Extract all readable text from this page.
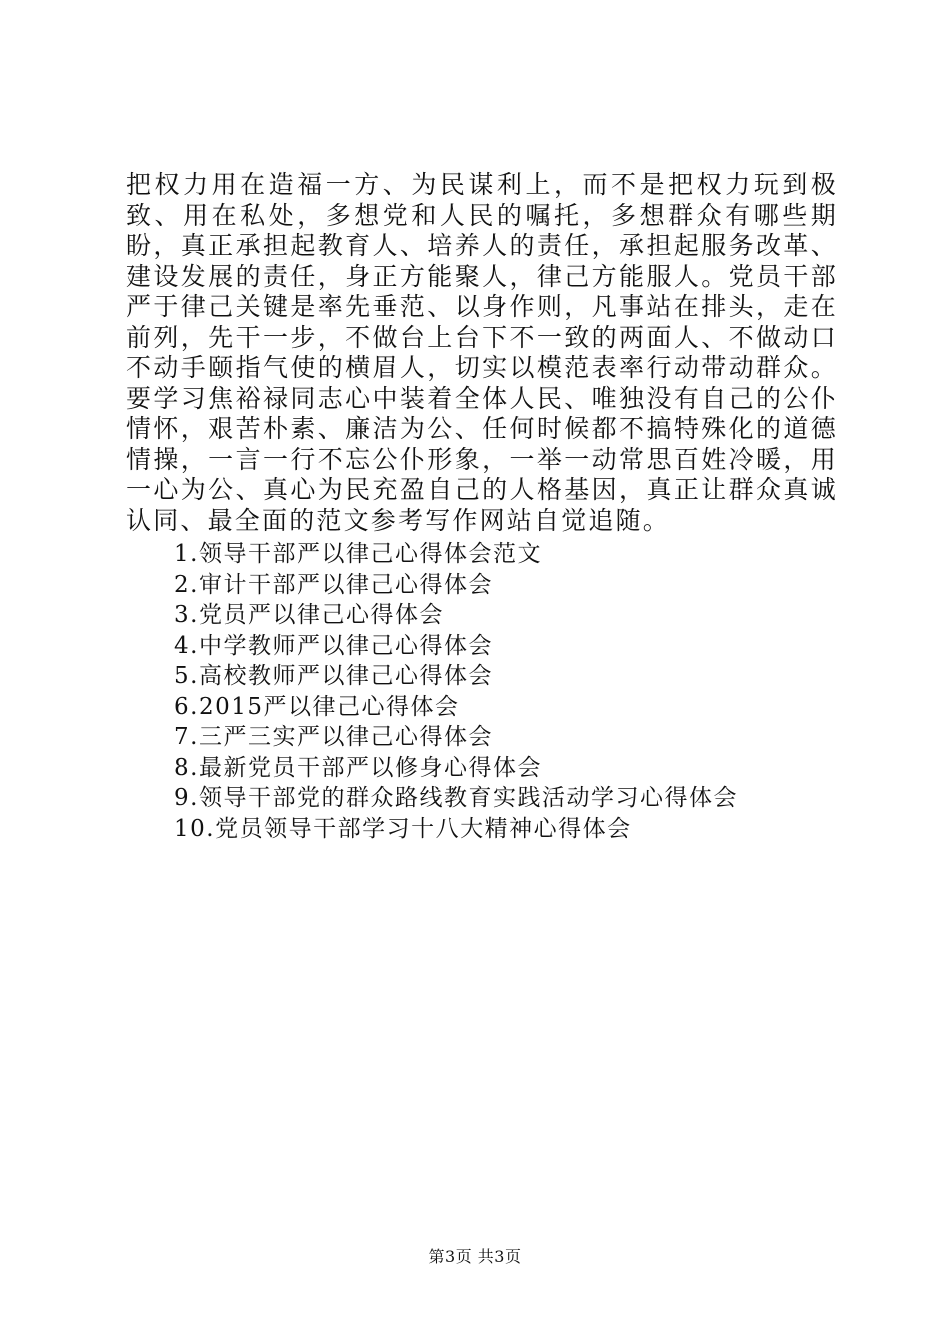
把权力用在造福一方、为民谋利上，而不是把权力玩到极致、用在私处，多想党和人民的嘱托，多想群众有哪些期盼，真正承担起教育人、培养人的责任，承担起服务改革、建设发展的责任，身正方能聚人，律己方能服人。党员干部严于律己关键是率先垂范、以身作则，凡事站在排头，走在前列，先干一步，不做台上台下不一致的两面人、不做动口不动手颐指气使的横眉人，切实以模范表率行动带动群众。要学习焦裕禄同志心中装着全体人民、唯独没有自己的公仆情怀，艰苦朴素、廉洁为公、任何时候都不搞特殊化的道德情操，一言一行不忘公仆形象，一举一动常思百姓冷暖，用一心为公、真心为民充盈自己的人格基因，真正让群众真诚认同、最全面的范文参考写作网站自觉追随。

1.领导干部严以律己心得体会范文
2.审计干部严以律己心得体会
3.党员严以律己心得体会
4.中学教师严以律己心得体会
5.高校教师严以律己心得体会
6.2015严以律己心得体会
7.三严三实严以律己心得体会
8.最新党员干部严以修身心得体会
9.领导干部党的群众路线教育实践活动学习心得体会
10.党员领导干部学习十八大精神心得体会
第3页 共3页
